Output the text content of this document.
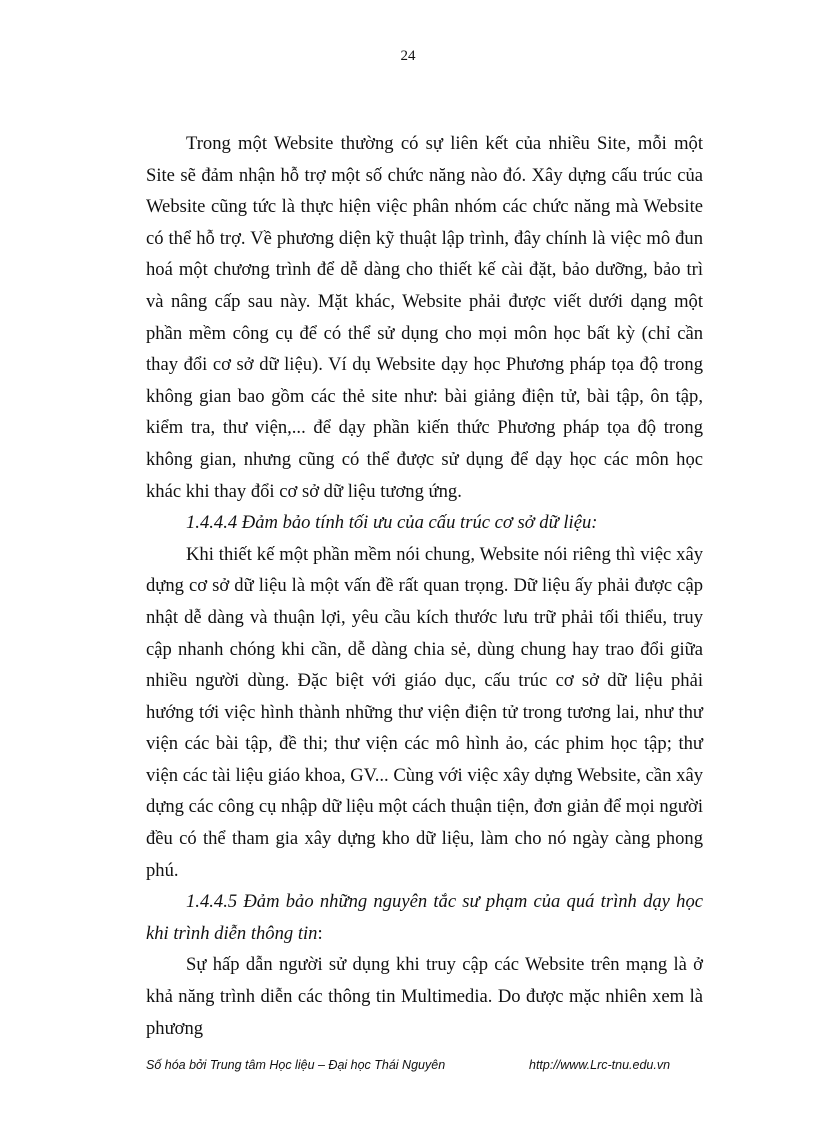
24

Trong một Website thường có sự liên kết của nhiều Site, mỗi một Site sẽ đảm nhận hỗ trợ một số chức năng nào đó. Xây dựng cấu trúc của Website cũng tức là thực hiện việc phân nhóm các chức năng mà Website có thể hỗ trợ. Về phương diện kỹ thuật lập trình, đây chính là việc mô đun hoá một chương trình để dễ dàng cho thiết kế cài đặt, bảo dưỡng, bảo trì và nâng cấp sau này. Mặt khác, Website phải được viết dưới dạng một phần mềm công cụ để có thể sử dụng cho mọi môn học bất kỳ (chỉ cần thay đổi cơ sở dữ liệu). Ví dụ Website dạy học Phương pháp tọa độ trong không gian bao gồm các thẻ site như: bài giảng điện tử, bài tập, ôn tập, kiểm tra, thư viện,... để dạy phần kiến thức Phương pháp tọa độ trong không gian, nhưng cũng có thể được sử dụng để dạy học các môn học khác khi thay đổi cơ sở dữ liệu tương ứng.

1.4.4.4 Đảm bảo tính tối ưu của cấu trúc cơ sở dữ liệu:

Khi thiết kế một phần mềm nói chung, Website nói riêng thì việc xây dựng cơ sở dữ liệu là một vấn đề rất quan trọng. Dữ liệu ấy phải được cập nhật dễ dàng và thuận lợi, yêu cầu kích thước lưu trữ phải tối thiểu, truy cập nhanh chóng khi cần, dễ dàng chia sẻ, dùng chung hay trao đổi giữa nhiều người dùng. Đặc biệt với giáo dục, cấu trúc cơ sở dữ liệu phải hướng tới việc hình thành những thư viện điện tử trong tương lai, như thư viện các bài tập, đề thi; thư viện các mô hình ảo, các phim học tập; thư viện các tài liệu giáo khoa, GV... Cùng với việc xây dựng Website, cần xây dựng các công cụ nhập dữ liệu một cách thuận tiện, đơn giản để mọi người đều có thể tham gia xây dựng kho dữ liệu, làm cho nó ngày càng phong phú.

1.4.4.5 Đảm bảo những nguyên tắc sư phạm của quá trình dạy học khi trình diễn thông tin:

Sự hấp dẫn người sử dụng khi truy cập các Website trên mạng là ở khả năng trình diễn các thông tin Multimedia. Do được mặc nhiên xem là phương

Số hóa bởi Trung tâm Học liệu – Đại học Thái Nguyên	http://www.Lrc-tnu.edu.vn
